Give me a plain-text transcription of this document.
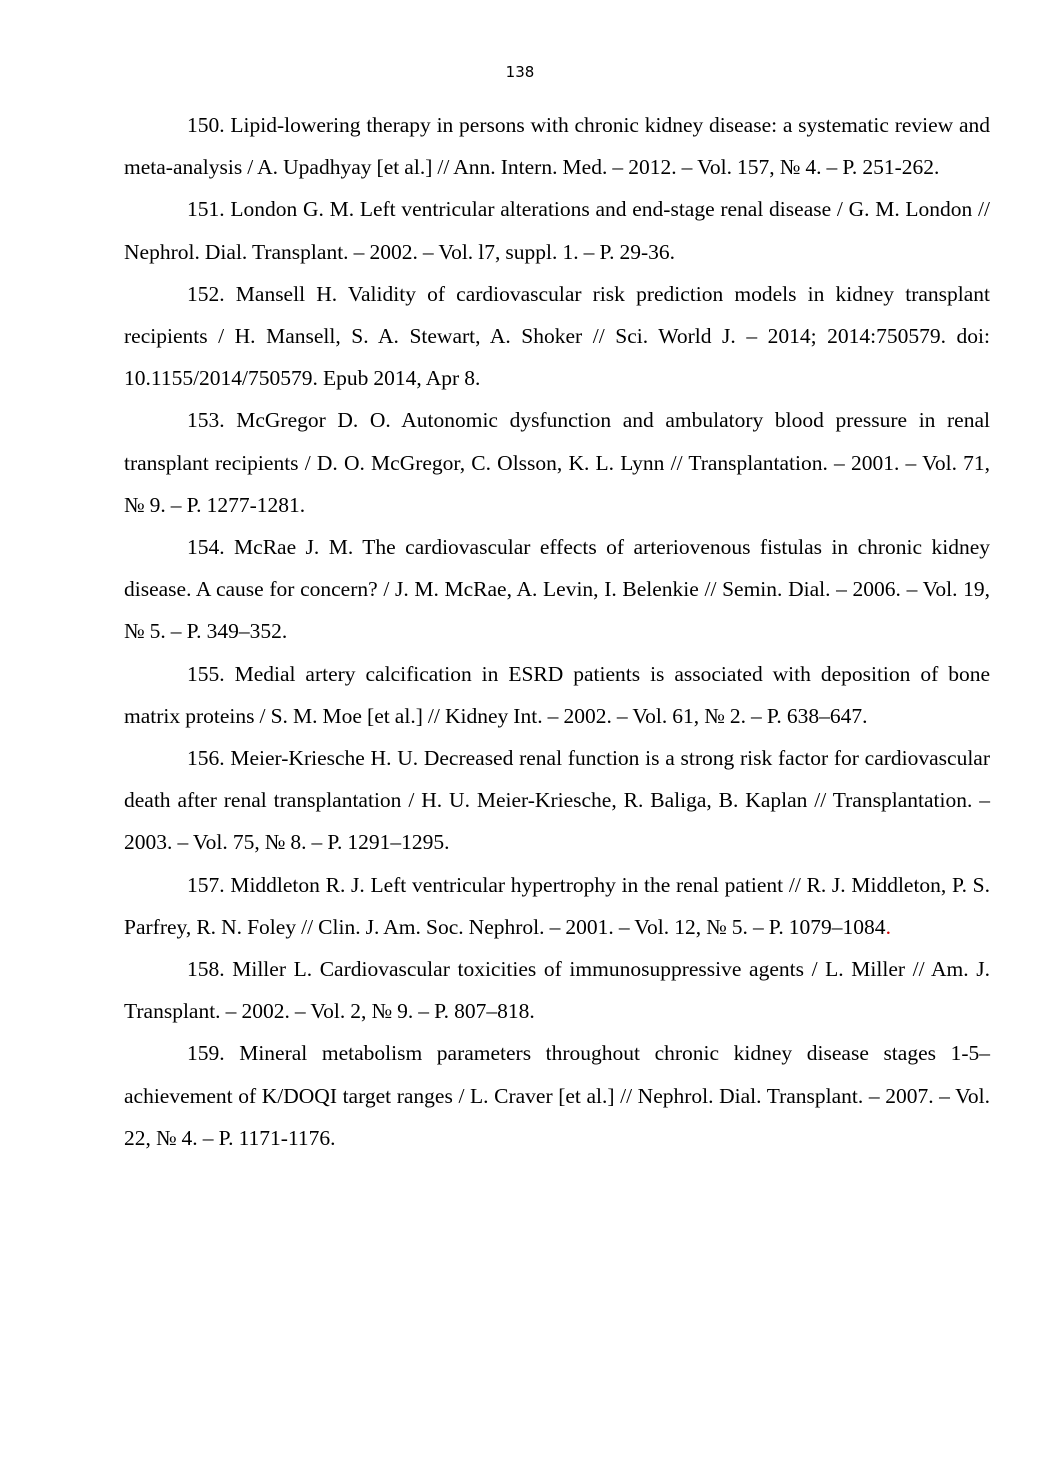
138

150. Lipid-lowering therapy in persons with chronic kidney disease: a systematic review and meta-analysis / A. Upadhyay [et al.] // Ann. Intern. Med. – 2012. – Vol. 157, № 4. – P. 251-262.

151. London G. M. Left ventricular alterations and end-stage renal disease / G. M. London // Nephrol. Dial. Transplant. – 2002. – Vol. l7, suppl. 1. – P. 29-36.

152. Mansell H. Validity of cardiovascular risk prediction models in kidney transplant recipients / H. Mansell, S. A. Stewart, A. Shoker // Sci. World J. – 2014; 2014:750579. doi: 10.1155/2014/750579. Epub 2014, Apr 8.

153. McGregor D. O. Autonomic dysfunction and ambulatory blood pressure in renal transplant recipients / D. O. McGregor, C. Olsson, K. L. Lynn // Transplantation. – 2001. – Vol. 71, № 9. – P. 1277-1281.

154. McRae J. M. The cardiovascular effects of arteriovenous fistulas in chronic kidney disease. A cause for concern? / J. M. McRae, A. Levin, I. Belenkie // Semin. Dial. – 2006. – Vol. 19, № 5. – P. 349–352.

155. Medial artery calcification in ESRD patients is associated with deposition of bone matrix proteins / S. M. Moe [et al.] // Kidney Int. – 2002. – Vol. 61, № 2. – P. 638–647.

156. Meier-Kriesche H. U. Decreased renal function is a strong risk factor for cardiovascular death after renal transplantation / H. U. Meier-Kriesche, R. Baliga, B. Kaplan // Transplantation. – 2003. – Vol. 75, № 8. – P. 1291–1295.

157. Middleton R. J. Left ventricular hypertrophy in the renal patient // R. J. Middleton, P. S. Parfrey, R. N. Foley // Clin. J. Am. Soc. Nephrol. – 2001. – Vol. 12, № 5. – P. 1079–1084.

158. Miller L. Cardiovascular toxicities of immunosuppressive agents / L. Miller // Am. J. Transplant. – 2002. – Vol. 2, № 9. – P. 807–818.

159. Mineral metabolism parameters throughout chronic kidney disease stages 1-5–achievement of K/DOQI target ranges / L. Craver [et al.] // Nephrol. Dial. Transplant. – 2007. – Vol. 22, № 4. – P. 1171-1176.
